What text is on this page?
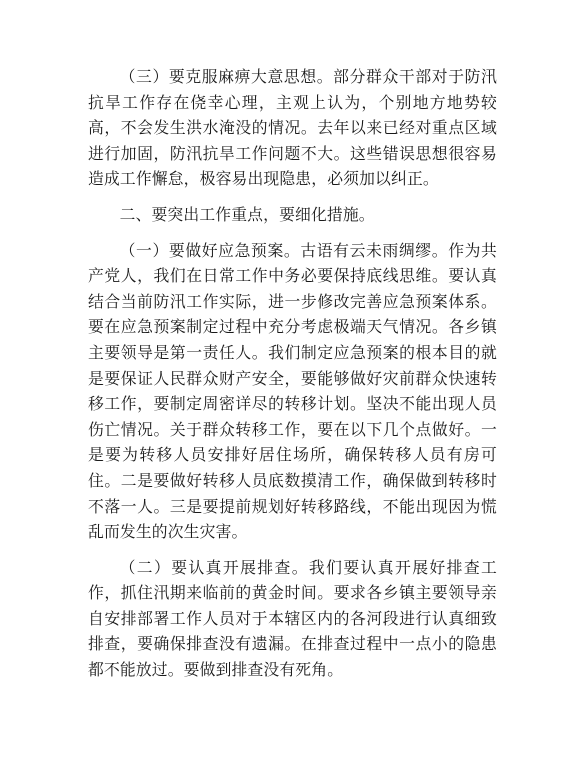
（三）要克服麻痹大意思想。部分群众干部对于防汛抗旱工作存在侥幸心理，主观上认为，个别地方地势较高，不会发生洪水淹没的情况。去年以来已经对重点区域进行加固，防汛抗旱工作问题不大。这些错误思想很容易造成工作懈怠，极容易出现隐患，必须加以纠正。

二、要突出工作重点，要细化措施。

（一）要做好应急预案。古语有云未雨绸缪。作为共产党人，我们在日常工作中务必要保持底线思维。要认真结合当前防汛工作实际，进一步修改完善应急预案体系。要在应急预案制定过程中充分考虑极端天气情况。各乡镇主要领导是第一责任人。我们制定应急预案的根本目的就是要保证人民群众财产安全，要能够做好灾前群众快速转移工作，要制定周密详尽的转移计划。坚决不能出现人员伤亡情况。关于群众转移工作，要在以下几个点做好。一是要为转移人员安排好居住场所，确保转移人员有房可住。二是要做好转移人员底数摸清工作，确保做到转移时不落一人。三是要提前规划好转移路线，不能出现因为慌乱而发生的次生灾害。

（二）要认真开展排查。我们要认真开展好排查工作，抓住汛期来临前的黄金时间。要求各乡镇主要领导亲自安排部署工作人员对于本辖区内的各河段进行认真细致排查，要确保排查没有遗漏。在排查过程中一点小的隐患都不能放过。要做到排查没有死角。
